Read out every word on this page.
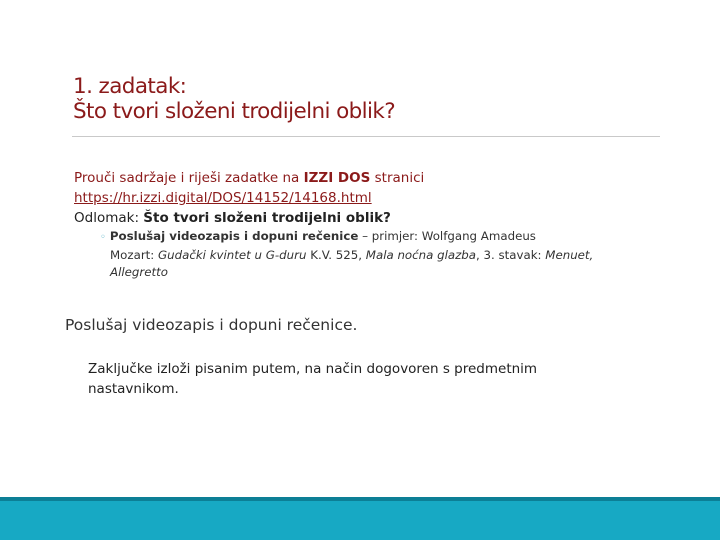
1. zadatak:
Što tvori složeni trodijelni oblik?
Prouči sadržaje i riješi zadatke na IZZI DOS stranici
https://hr.izzi.digital/DOS/14152/14168.html
Odlomak: Što tvori složeni trodijelni oblik?
◦ Poslušaj videozapis i dopuni rečenice – primjer: Wolfgang Amadeus
Mozart: Gudački kvintet u G-duru K.V. 525, Mala noćna glazba, 3. stavak: Menuet,
Allegretto
Poslušaj videozapis i dopuni rečenice.
Zaključke izloži pisanim putem, na način dogovoren s predmetnim
nastavnikom.
